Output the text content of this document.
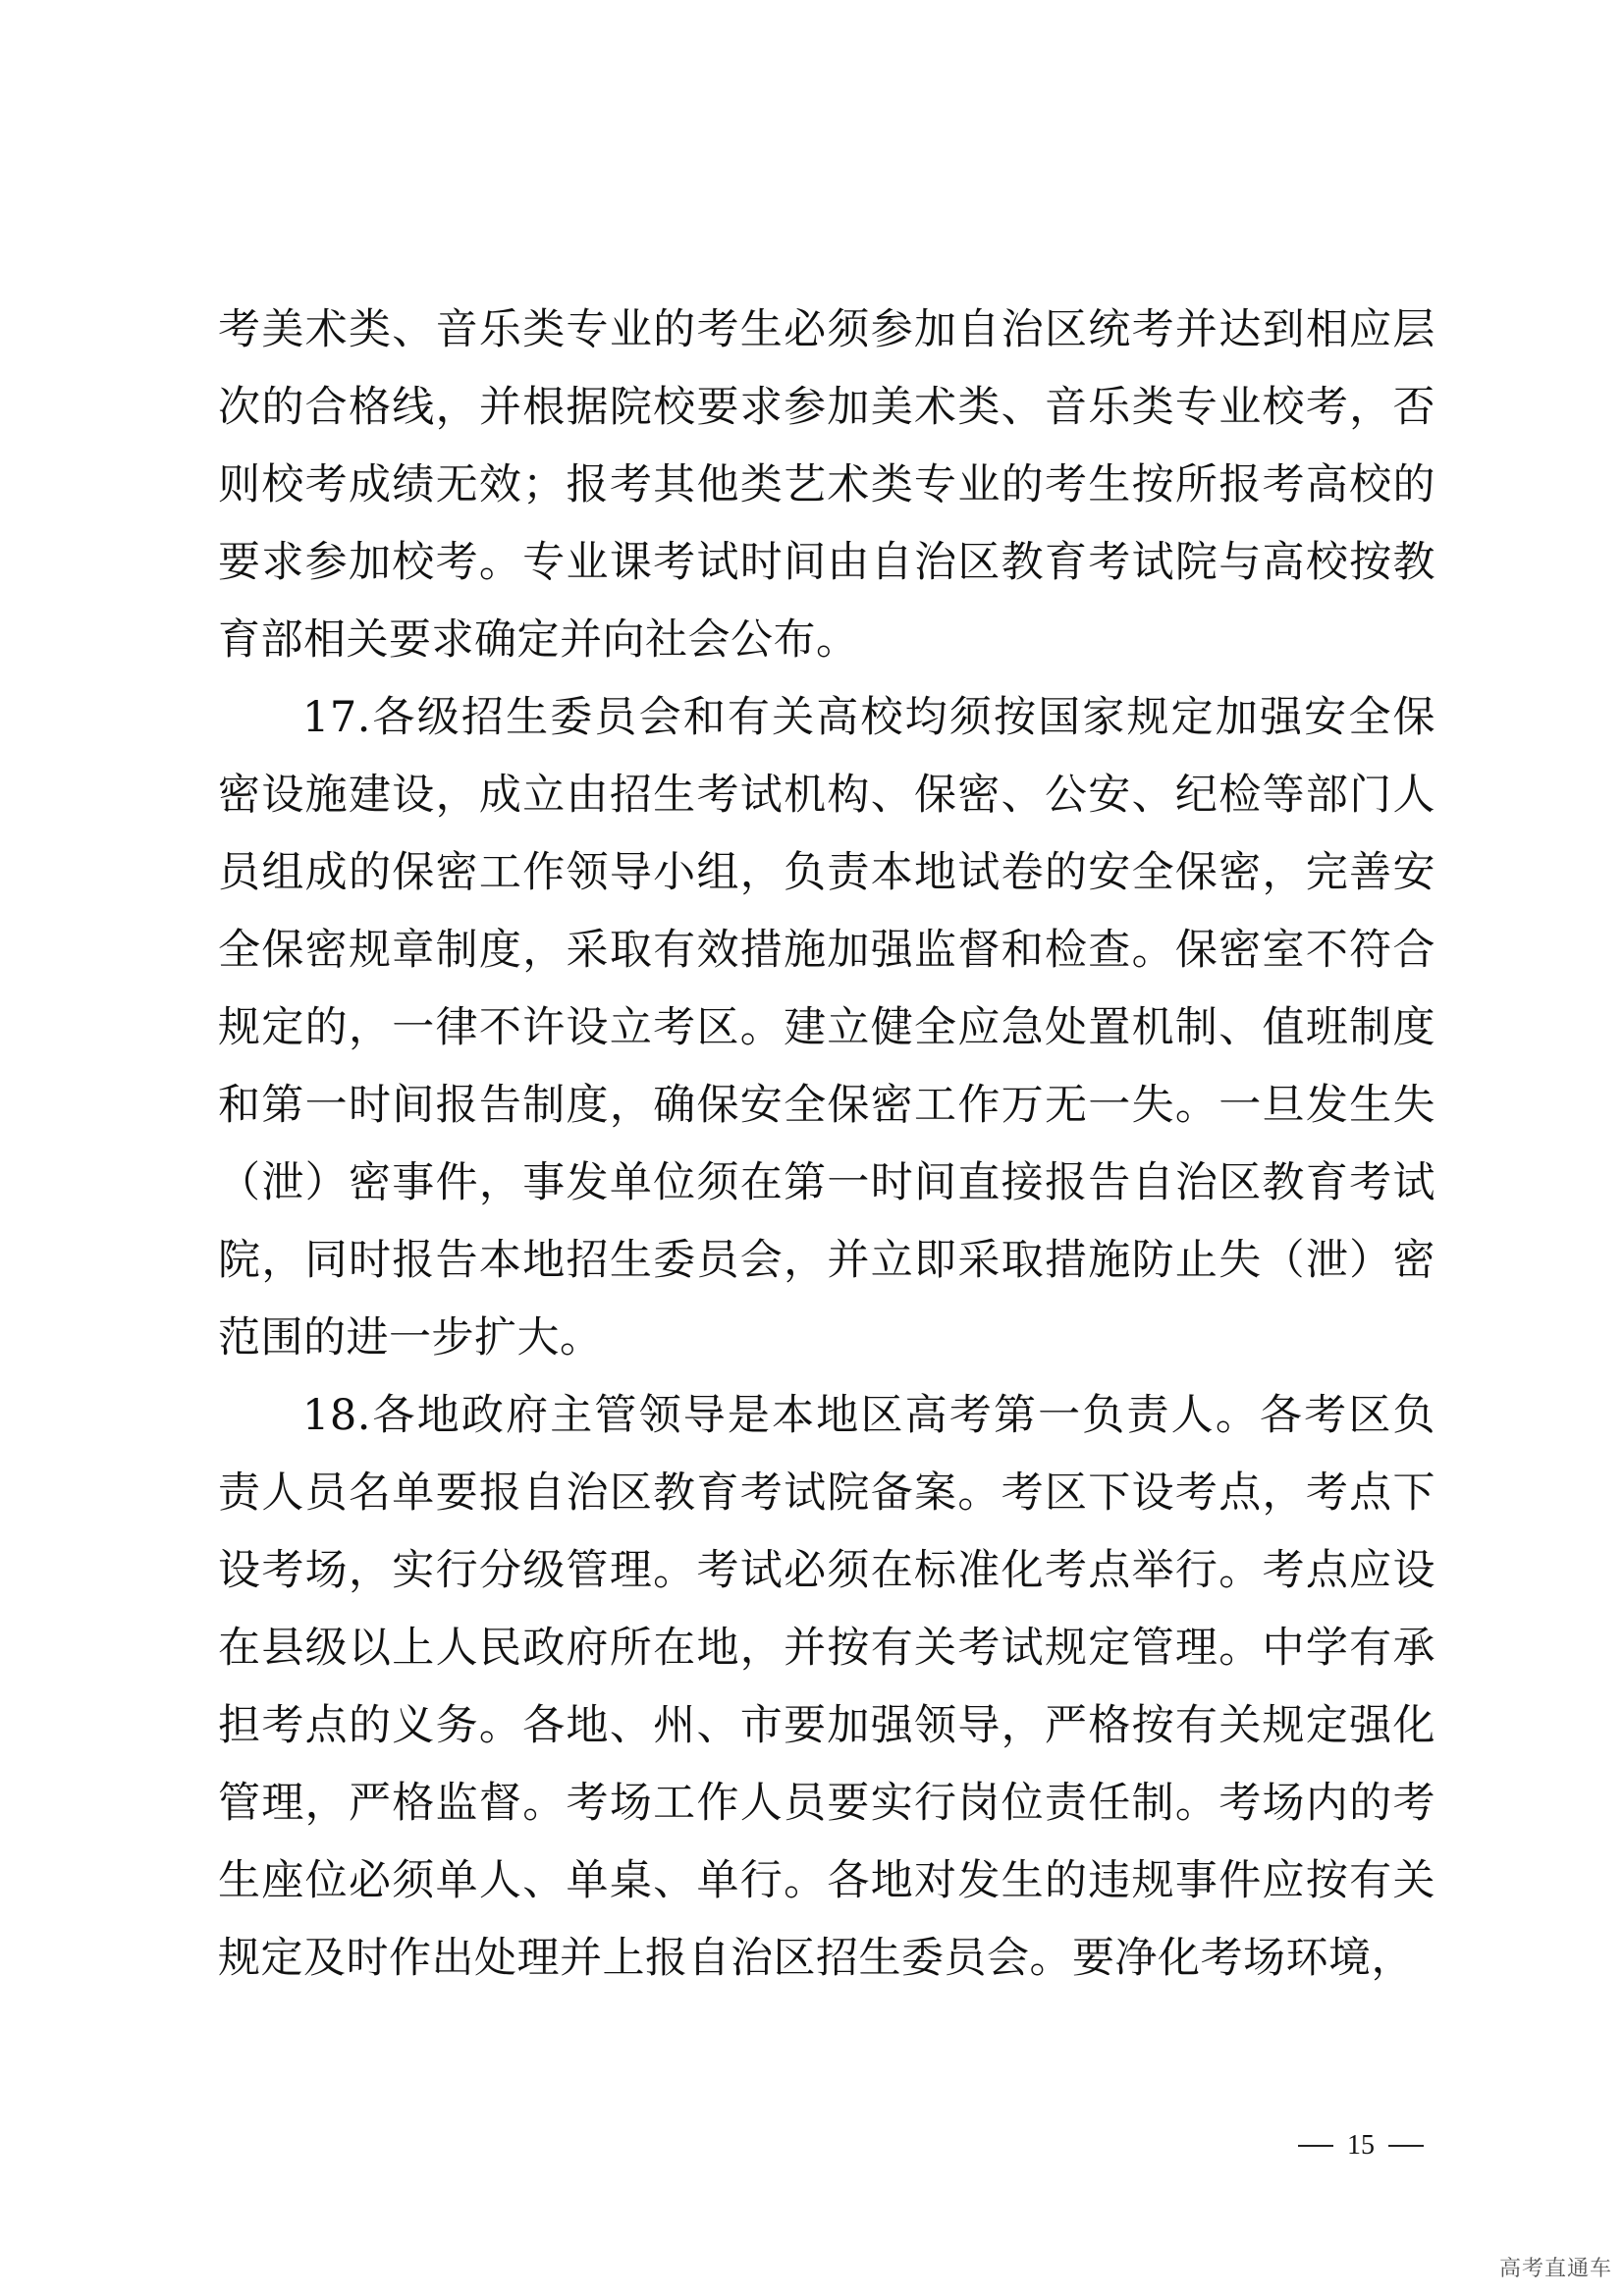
考美术类、音乐类专业的考生必须参加自治区统考并达到相应层次的合格线，并根据院校要求参加美术类、音乐类专业校考，否则校考成绩无效；报考其他类艺术类专业的考生按所报考高校的要求参加校考。专业课考试时间由自治区教育考试院与高校按教育部相关要求确定并向社会公布。

17.各级招生委员会和有关高校均须按国家规定加强安全保密设施建设，成立由招生考试机构、保密、公安、纪检等部门人员组成的保密工作领导小组，负责本地试卷的安全保密，完善安全保密规章制度，采取有效措施加强监督和检查。保密室不符合规定的，一律不许设立考区。建立健全应急处置机制、值班制度和第一时间报告制度，确保安全保密工作万无一失。一旦发生失（泄）密事件，事发单位须在第一时间直接报告自治区教育考试院，同时报告本地招生委员会，并立即采取措施防止失（泄）密范围的进一步扩大。

18.各地政府主管领导是本地区高考第一负责人。各考区负责人员名单要报自治区教育考试院备案。考区下设考点，考点下设考场，实行分级管理。考试必须在标准化考点举行。考点应设在县级以上人民政府所在地，并按有关考试规定管理。中学有承担考点的义务。各地、州、市要加强领导，严格按有关规定强化管理，严格监督。考场工作人员要实行岗位责任制。考场内的考生座位必须单人、单桌、单行。各地对发生的违规事件应按有关规定及时作出处理并上报自治区招生委员会。要净化考场环境，

15
高考直通车
